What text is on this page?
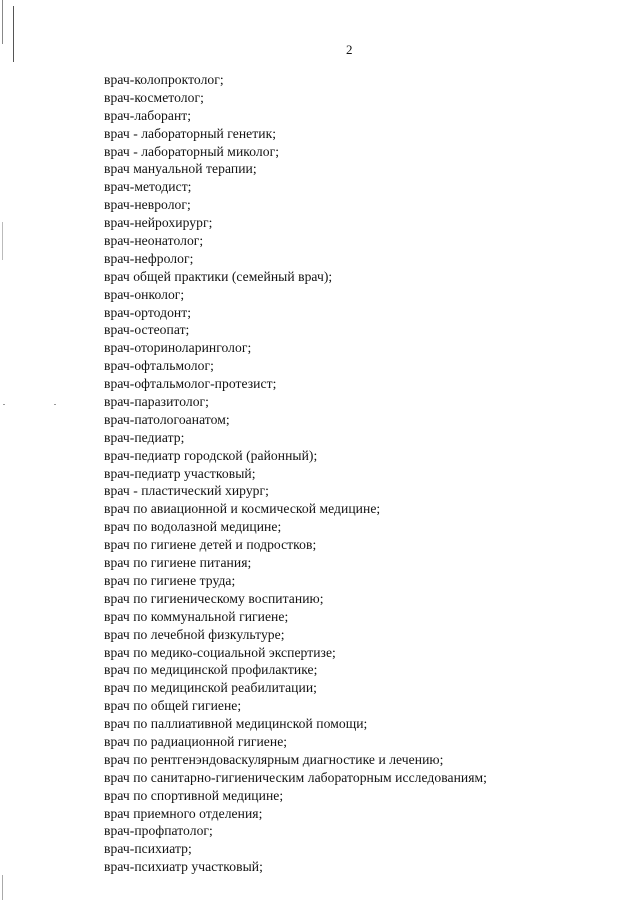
2
врач-колопроктолог;
врач-косметолог;
врач-лаборант;
врач - лабораторный генетик;
врач - лабораторный миколог;
врач мануальной терапии;
врач-методист;
врач-невролог;
врач-нейрохирург;
врач-неонатолог;
врач-нефролог;
врач общей практики (семейный врач);
врач-онколог;
врач-ортодонт;
врач-остеопат;
врач-оториноларинголог;
врач-офтальмолог;
врач-офтальмолог-протезист;
врач-паразитолог;
врач-патологоанатом;
врач-педиатр;
врач-педиатр городской (районный);
врач-педиатр участковый;
врач - пластический хирург;
врач по авиационной и космической медицине;
врач по водолазной медицине;
врач по гигиене детей и подростков;
врач по гигиене питания;
врач по гигиене труда;
врач по гигиеническому воспитанию;
врач по коммунальной гигиене;
врач по лечебной физкультуре;
врач по медико-социальной экспертизе;
врач по медицинской профилактике;
врач по медицинской реабилитации;
врач по общей гигиене;
врач по паллиативной медицинской помощи;
врач по радиационной гигиене;
врач по рентгенэндоваскулярным диагностике и лечению;
врач по санитарно-гигиеническим лабораторным исследованиям;
врач по спортивной медицине;
врач приемного отделения;
врач-профпатолог;
врач-психиатр;
врач-психиатр участковый;
